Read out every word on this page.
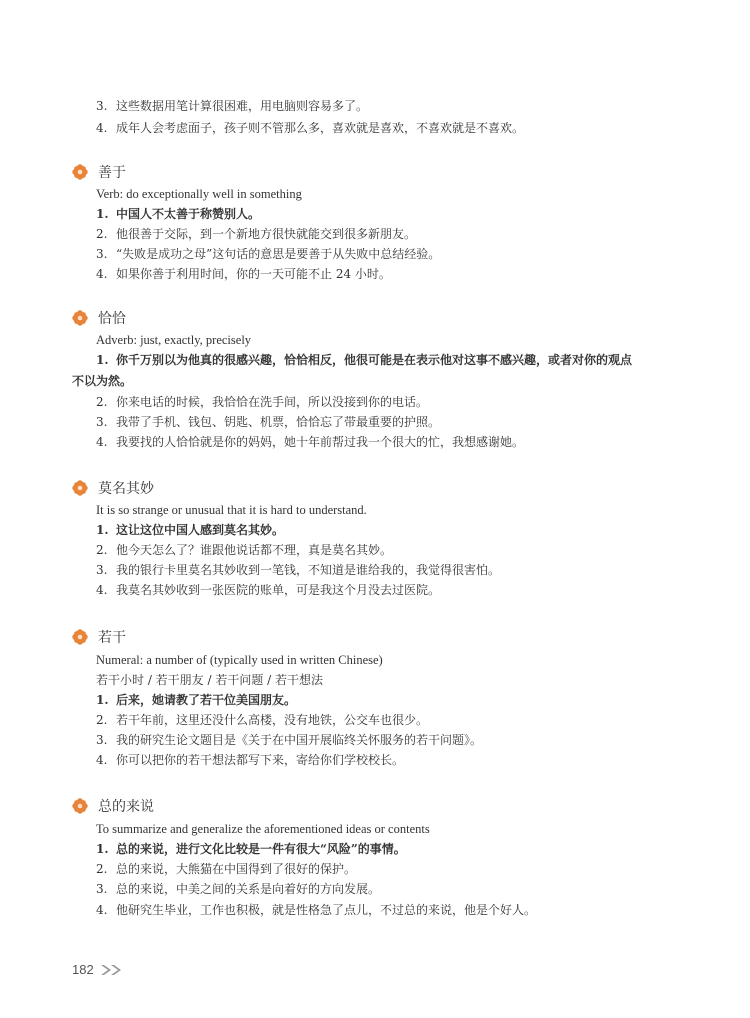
3. 这些数据用笔计算很困难，用电脑则容易多了。
4. 成年人会考虑面子，孩子则不管那么多，喜欢就是喜欢，不喜欢就是不喜欢。
善于
Verb: do exceptionally well in something
1. 中国人不太善于称赞别人。
2. 他很善于交际，到一个新地方很快就能交到很多新朋友。
3. “失败是成功之母”这句话的意思是要善于从失败中总结经验。
4. 如果你善于利用时间，你的一天可能不止 24 小时。
恰恰
Adverb: just, exactly, precisely
1. 你千万别以为他真的很感兴趣，恰恰相反，他很可能是在表示他对这事不感兴趣，或者对你的观点
不以为然。
2. 你来电话的时候，我恰恰在洗手间，所以没接到你的电话。
3. 我带了手机、钱包、钥匙、机票，恰恰忘了带最重要的护照。
4. 我要找的人恰恰就是你的妈妈，她十年前帮过我一个很大的忙，我想感谢她。
莫名其妙
It is so strange or unusual that it is hard to understand.
1. 这让这位中国人感到莫名其妙。
2. 他今天怎么了？谁跟他说话都不理，真是莫名其妙。
3. 我的银行卡里莫名其妙收到一笔钱，不知道是谁给我的，我觉得很害怕。
4. 我莫名其妙收到一张医院的账单，可是我这个月没去过医院。
若干
Numeral: a number of (typically used in written Chinese)
若干小时 / 若干朋友 / 若干问题 / 若干想法
1. 后来，她请教了若干位美国朋友。
2. 若干年前，这里还没什么高楼，没有地铁，公交车也很少。
3. 我的研究生论文题目是《关于在中国开展临终关怀服务的若干问题》。
4. 你可以把你的若干想法都写下来，寄给你们学校校长。
总的来说
To summarize and generalize the aforementioned ideas or contents
1. 总的来说，进行文化比较是一件有很大“风险”的事情。
2. 总的来说，大熊猫在中国得到了很好的保护。
3. 总的来说，中美之间的关系是向着好的方向发展。
4. 他研究生毕业，工作也积极，就是性格急了点儿，不过总的来说，他是个好人。
182
